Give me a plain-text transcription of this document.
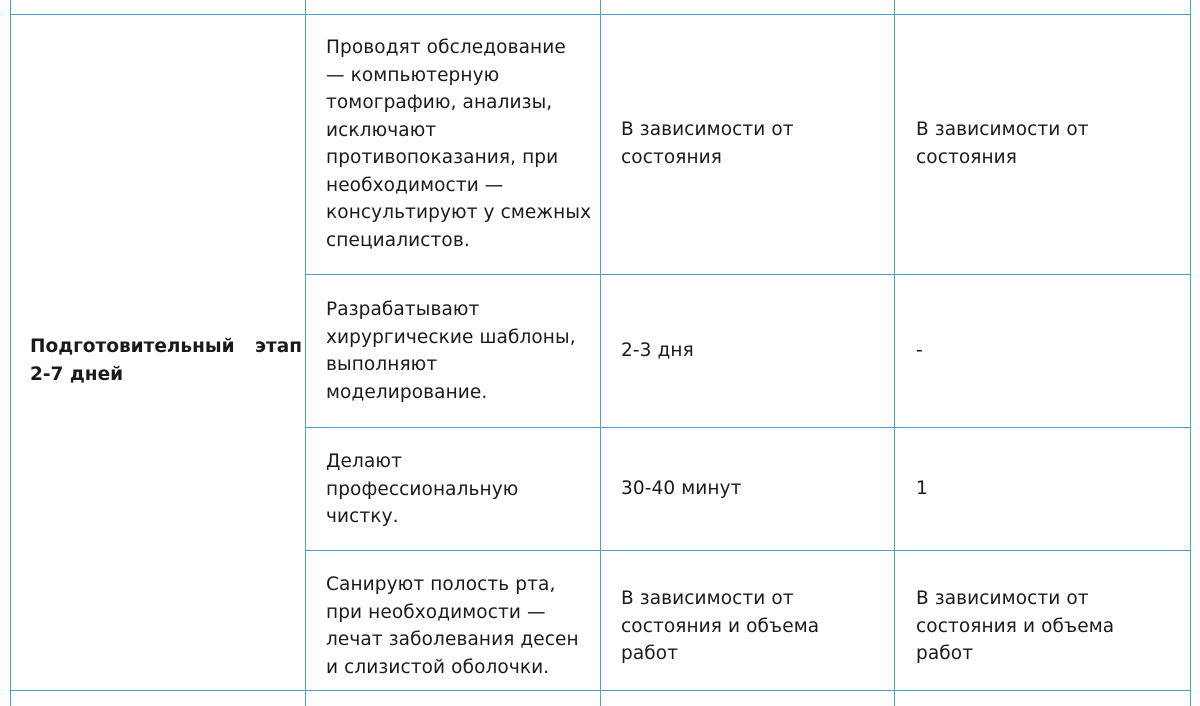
Подготовительный этап
2-7 дней

Проводят обследование
— компьютерную
томографию, анализы,
исключают
противопоказания, при
необходимости —
консультируют у смежных
специалистов.

В зависимости от
состояния

В зависимости от
состояния

Разрабатывают
хирургические шаблоны,
выполняют
моделирование.

2-3 дня	-

Делают
профессиональную
чистку.

30-40 минут	1

Санируют полость рта,
при необходимости —
лечат заболевания десен
и слизистой оболочки.

В зависимости от
состояния и объема
работ

В зависимости от
состояния и объема
работ
